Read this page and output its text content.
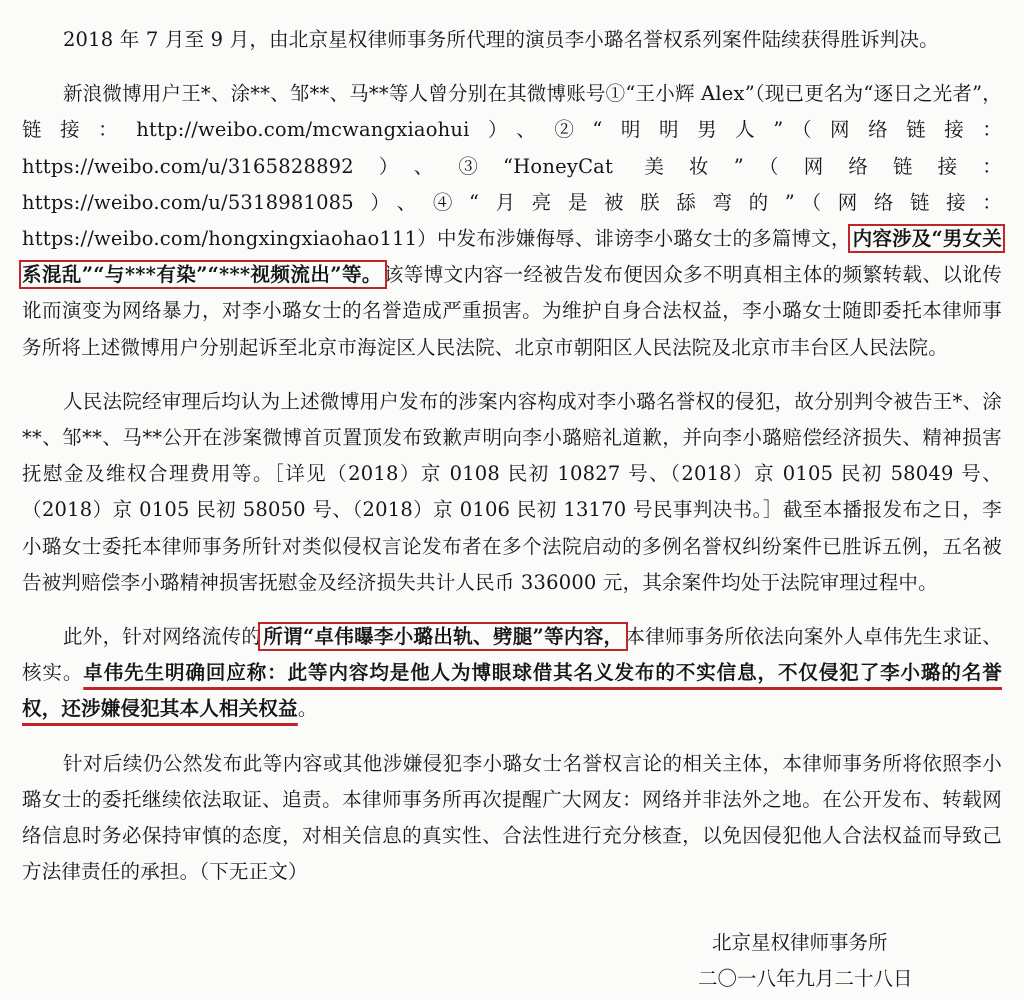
2018 年 7 月至 9 月，由北京星权律师事务所代理的演员李小璐名誉权系列案件陆续获得胜诉判决。

新浪微博用户王*、涂**、邹**、马**等人曾分别在其微博账号①“王小辉 Alex”（现已更名为“逐日之光者”，链接：http://weibo.com/mcwangxiaohui）、②“明明男人”（网络链接：https://weibo.com/u/3165828892）、③“HoneyCat 美妆”（网络链接：https://weibo.com/u/5318981085）、④“月亮是被朕舔弯的”（网络链接：https://weibo.com/hongxingxiaohao111）中发布涉嫌侮辱、诽谤李小璐女士的多篇博文， 内容涉及“男女关系混乱”“与***有染”“***视频流出”等。 该等博文内容一经被告发布便因众多不明真相主体的频繁转载、以讹传讹而演变为网络暴力，对李小璐女士的名誉造成严重损害。为维护自身合法权益，李小璐女士随即委托本律师事务所将上述微博用户分别起诉至北京市海淀区人民法院、北京市朝阳区人民法院及北京市丰台区人民法院。

人民法院经审理后均认为上述微博用户发布的涉案内容构成对李小璐名誉权的侵犯，故分别判令被告王*、涂**、邹**、马**公开在涉案微博首页置顶发布致歉声明向李小璐赔礼道歉，并向李小璐赔偿经济损失、精神损害抚慰金及维权合理费用等。［详见（2018）京 0108 民初 10827 号、（2018）京 0105 民初 58049 号、（2018）京 0105 民初 58050 号、（2018）京 0106 民初 13170 号民事判决书。］截至本播报发布之日，李小璐女士委托本律师事务所针对类似侵权言论发布者在多个法院启动的多例名誉权纠纷案件已胜诉五例，五名被告被判赔偿李小璐精神损害抚慰金及经济损失共计人民币 336000 元，其余案件均处于法院审理过程中。

此外，针对网络流传的 所谓“卓伟曝李小璐出轨、劈腿”等内容， 本律师事务所依法向案外人卓伟先生求证、核实。卓伟先生明确回应称：此等内容均是他人为博眼球借其名义发布的不实信息，不仅侵犯了李小璐的名誉权，还涉嫌侵犯其本人相关权益。

针对后续仍公然发布此等内容或其他涉嫌侵犯李小璐女士名誉权言论的相关主体，本律师事务所将依照李小璐女士的委托继续依法取证、追责。本律师事务所再次提醒广大网友：网络并非法外之地。在公开发布、转载网络信息时务必保持审慎的态度，对相关信息的真实性、合法性进行充分核查，以免因侵犯他人合法权益而导致己方法律责任的承担。（下无正文）

北京星权律师事务所
二〇一八年九月二十八日
